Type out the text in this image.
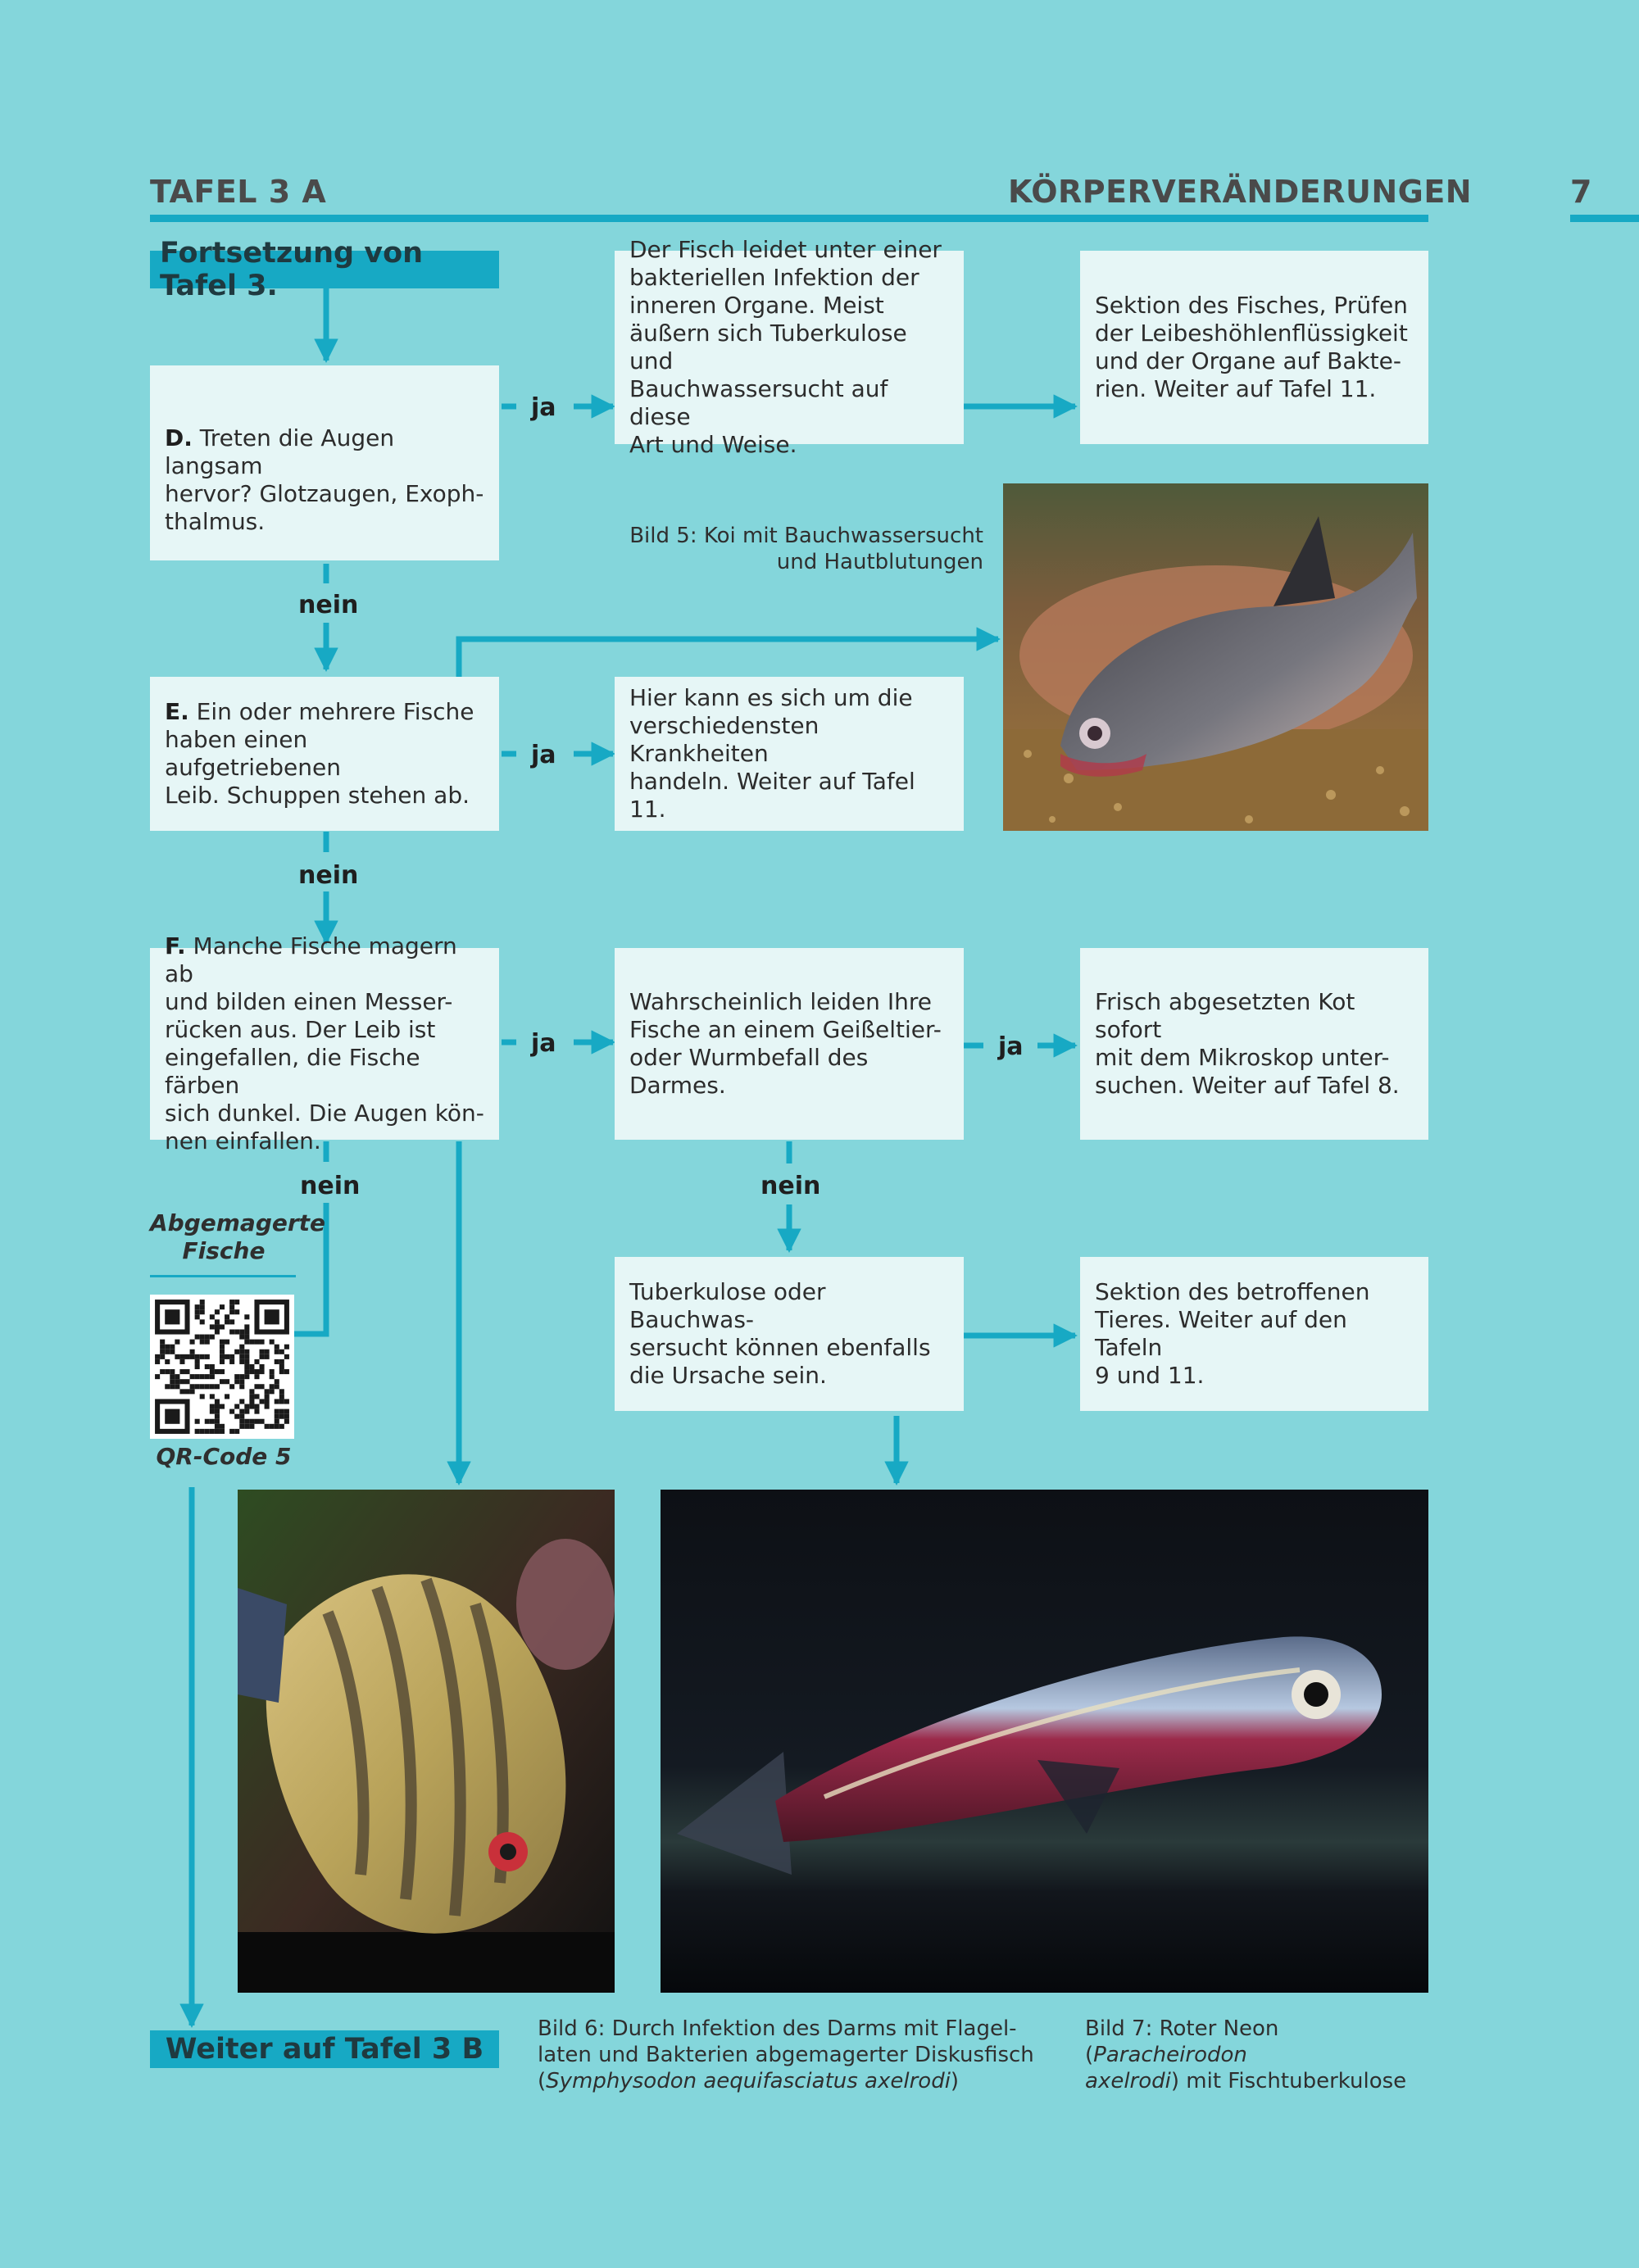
TAFEL 3 A	KÖRPERVERÄNDERUNGEN	7
Fortsetzung von Tafel 3.
D. Treten die Augen langsam
hervor? Glotzaugen, Exoph-
thalmus.
E. Ein oder mehrere Fische
haben einen aufgetriebenen
Leib. Schuppen stehen ab.
F. Manche Fische magern ab
und bilden einen Messer-
rücken aus. Der Leib ist
eingefallen, die Fische färben
sich dunkel. Die Augen kön-
nen einfallen.
Der Fisch leidet unter einer
bakteriellen Infektion der
inneren Organe. Meist
äußern sich Tuberkulose und
Bauchwassersucht auf diese
Art und Weise.
Sektion des Fisches, Prüfen
der Leibeshöhlenflüssigkeit
und der Organe auf Bakte-
rien. Weiter auf Tafel 11.
Hier kann es sich um die
verschiedensten Krankheiten
handeln. Weiter auf Tafel 11.
Wahrscheinlich leiden Ihre
Fische an einem Geißeltier-
oder Wurmbefall des Darmes.
Frisch abgesetzten Kot sofort
mit dem Mikroskop unter-
suchen. Weiter auf Tafel 8.
Tuberkulose oder Bauchwas-
sersucht können ebenfalls
die Ursache sein.
Sektion des betroffenen
Tieres. Weiter auf den Tafeln
9 und 11.
ja
nein
ja
nein
ja	ja
nein	nein
Bild 5: Koi mit Bauchwassersucht
und Hautblutungen
Abgemagerte
Fische
QR-Code 5
Bild 6: Durch Infektion des Darms mit Flagel-
laten und Bakterien abgemagerter Diskusfisch
(Symphysodon aequifasciatus axelrodi)
Bild 7: Roter Neon (Paracheirodon
axelrodi) mit Fischtuberkulose
Weiter auf Tafel 3 B
